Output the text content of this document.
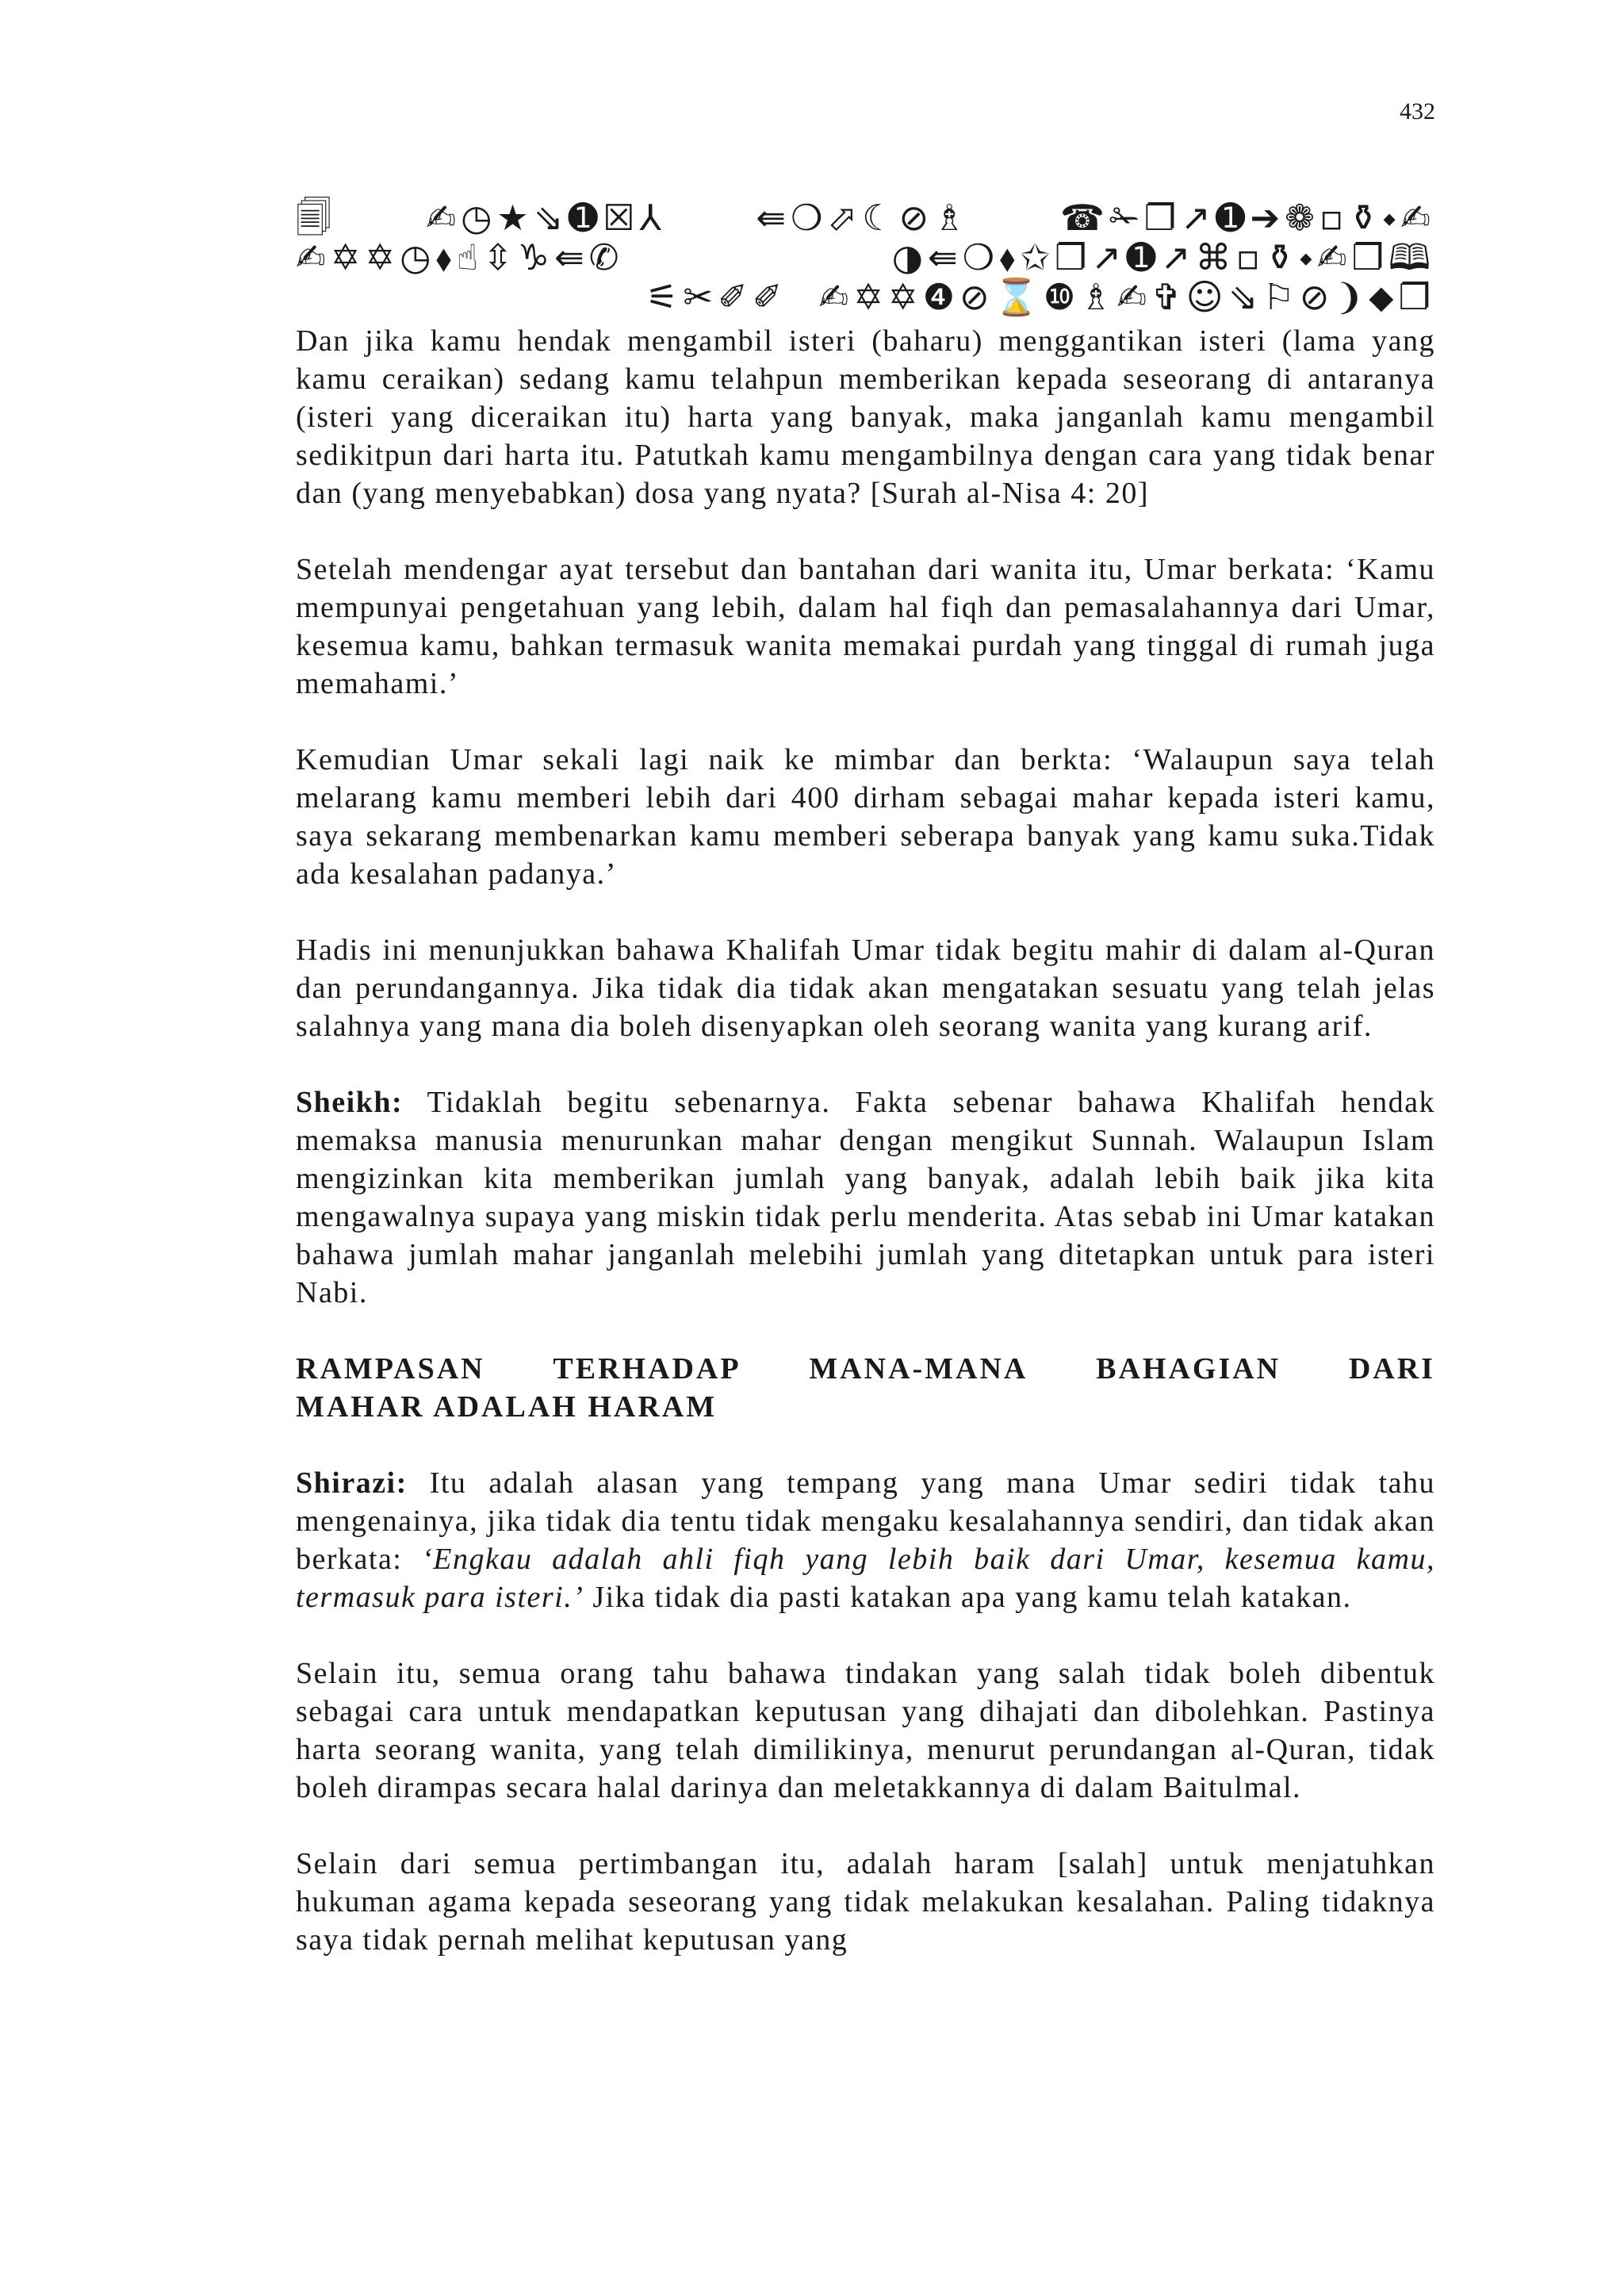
432
🗐	✍◷★⇘➊☒⅄	⇚❍⬀☾⊘♗	☎✁❐↗➊➔❁▫⚱⬩✍
✍✡✡◷⬧☝⇳♑⇚✆	◑⇚❍⬧✩❐↗➊↗⌘▫⚱⬩✍❐🕮
⚟✂✐✐ ✍✡✡❹⊘⌛❿♗✍✞☺⇘⚐⊘❩⬥❐

Dan jika kamu hendak mengambil isteri (baharu) menggantikan isteri (lama yang kamu ceraikan) sedang kamu telahpun memberikan kepada seseorang di antaranya (isteri yang diceraikan itu) harta yang banyak, maka janganlah kamu mengambil sedikitpun dari harta itu. Patutkah kamu mengambilnya dengan cara yang tidak benar dan (yang menyebabkan) dosa yang nyata? [Surah al-Nisa 4: 20]

Setelah mendengar ayat tersebut dan bantahan dari wanita itu, Umar berkata: ‘Kamu mempunyai pengetahuan yang lebih, dalam hal fiqh dan pemasalahannya dari Umar, kesemua kamu, bahkan termasuk wanita memakai purdah yang tinggal di rumah juga memahami.’

Kemudian Umar sekali lagi naik ke mimbar dan berkta: ‘Walaupun saya telah melarang kamu memberi lebih dari 400 dirham sebagai mahar kepada isteri kamu, saya sekarang membenarkan kamu memberi seberapa banyak yang kamu suka.Tidak ada kesalahan padanya.’

Hadis ini menunjukkan bahawa Khalifah Umar tidak begitu mahir di dalam al-Quran dan perundangannya. Jika tidak dia tidak akan mengatakan sesuatu yang telah jelas salahnya yang mana dia boleh disenyapkan oleh seorang wanita yang kurang arif.

Sheikh: Tidaklah begitu sebenarnya. Fakta sebenar bahawa Khalifah hendak memaksa manusia menurunkan mahar dengan mengikut Sunnah. Walaupun Islam mengizinkan kita memberikan jumlah yang banyak, adalah lebih baik jika kita mengawalnya supaya yang miskin tidak perlu menderita. Atas sebab ini Umar katakan bahawa jumlah mahar janganlah melebihi jumlah yang ditetapkan untuk para isteri Nabi.

RAMPASAN TERHADAP MANA-MANA BAHAGIAN DARI
MAHAR ADALAH HARAM

Shirazi: Itu adalah alasan yang tempang yang mana Umar sediri tidak tahu mengenainya, jika tidak dia tentu tidak mengaku kesalahannya sendiri, dan tidak akan berkata: ‘Engkau adalah ahli fiqh yang lebih baik dari Umar, kesemua kamu, termasuk para isteri.’ Jika tidak dia pasti katakan apa yang kamu telah katakan.

Selain itu, semua orang tahu bahawa tindakan yang salah tidak boleh dibentuk sebagai cara untuk mendapatkan keputusan yang dihajati dan dibolehkan. Pastinya harta seorang wanita, yang telah dimilikinya, menurut perundangan al-Quran, tidak boleh dirampas secara halal darinya dan meletakkannya di dalam Baitulmal.

Selain dari semua pertimbangan itu, adalah haram [salah] untuk menjatuhkan hukuman agama kepada seseorang yang tidak melakukan kesalahan. Paling tidaknya saya tidak pernah melihat keputusan yang
